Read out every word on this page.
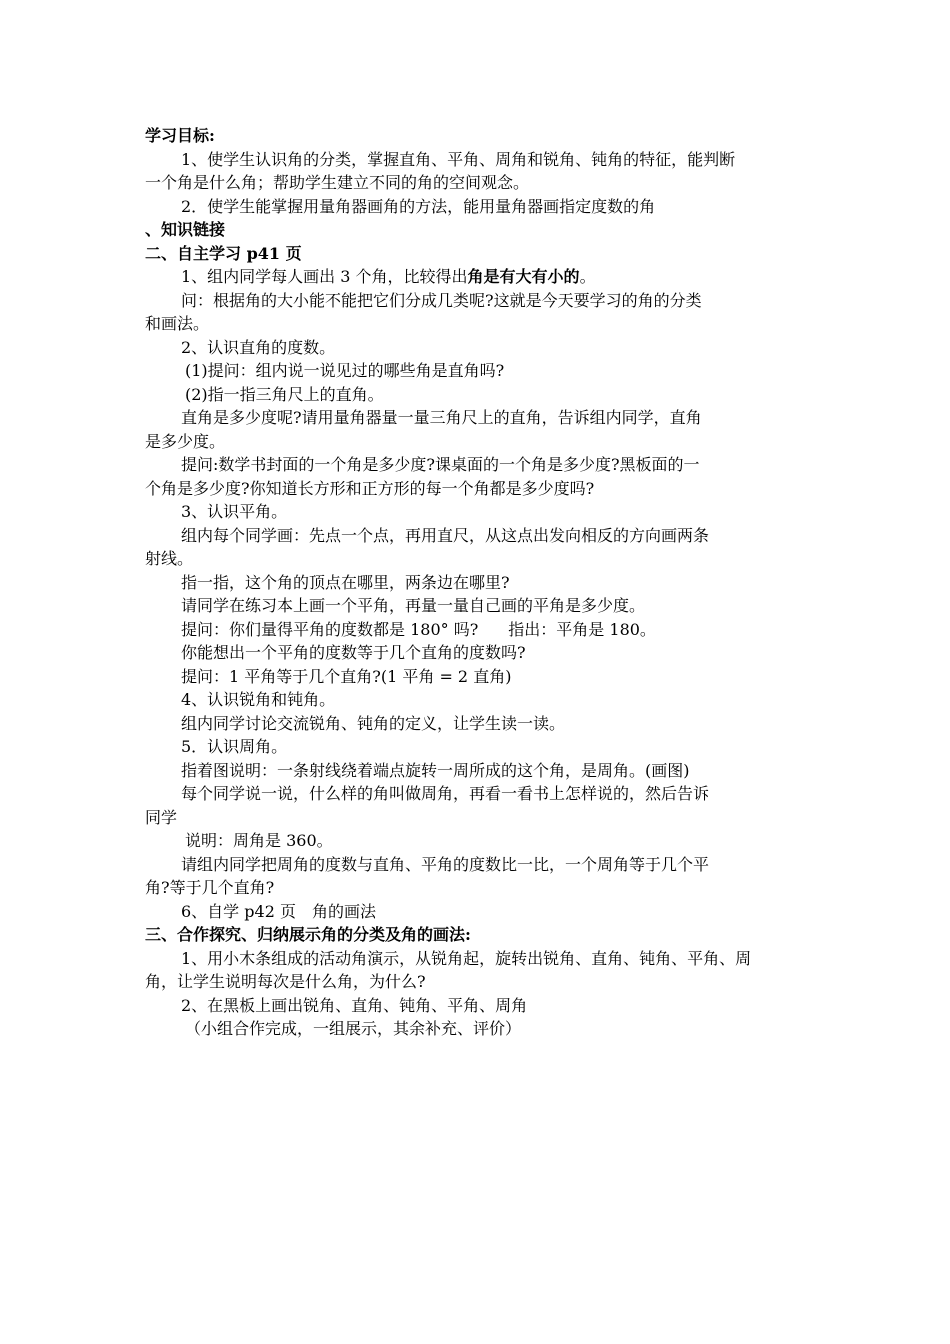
学习目标:
1、使学生认识角的分类，掌握直角、平角、周角和锐角、钝角的特征，能判断
一个角是什么角；帮助学生建立不同的角的空间观念。
2．使学生能掌握用量角器画角的方法，能用量角器画指定度数的角
、知识链接
二、自主学习 p41 页
1、组内同学每人画出 3 个角，比较得出角是有大有小的。
问：根据角的大小能不能把它们分成几类呢?这就是今天要学习的角的分类
和画法。
2、认识直角的度数。
(1)提问：组内说一说见过的哪些角是直角吗?
(2)指一指三角尺上的直角。
直角是多少度呢?请用量角器量一量三角尺上的直角，告诉组内同学，直角
是多少度。
提问:数学书封面的一个角是多少度?课桌面的一个角是多少度?黑板面的一
个角是多少度?你知道长方形和正方形的每一个角都是多少度吗?
3、认识平角。
组内每个同学画：先点一个点，再用直尺，从这点出发向相反的方向画两条
射线。
指一指，这个角的顶点在哪里，两条边在哪里?
请同学在练习本上画一个平角，再量一量自己画的平角是多少度。
提问：你们量得平角的度数都是 180° 吗? 指出：平角是 180。
你能想出一个平角的度数等于几个直角的度数吗?
提问：1 平角等于几个直角?(1 平角 = 2 直角)
4、认识锐角和钝角。
组内同学讨论交流锐角、钝角的定义，让学生读一读。
5．认识周角。
指着图说明：一条射线绕着端点旋转一周所成的这个角，是周角。(画图)
每个同学说一说，什么样的角叫做周角，再看一看书上怎样说的，然后告诉
同学
说明：周角是 360。
请组内同学把周角的度数与直角、平角的度数比一比，一个周角等于几个平
角?等于几个直角?
6、自学 p42 页　角的画法
三、合作探究、归纳展示角的分类及角的画法:
1、用小木条组成的活动角演示，从锐角起，旋转出锐角、直角、钝角、平角、周
角，让学生说明每次是什么角，为什么?
2、在黑板上画出锐角、直角、钝角、平角、周角
（小组合作完成，一组展示，其余补充、评价）
